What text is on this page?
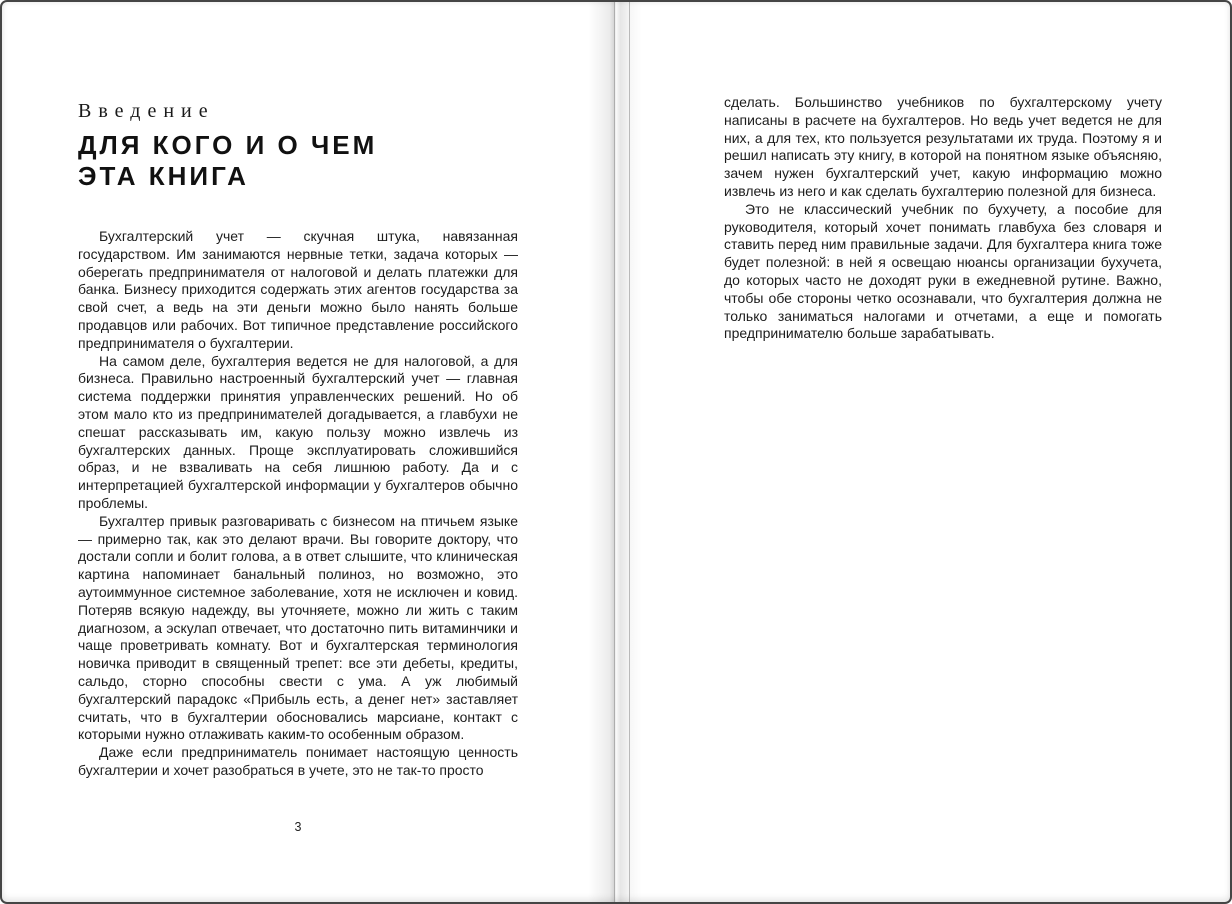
Введение
ДЛЯ КОГО И О ЧЕМ
ЭТА КНИГА

Бухгалтерский учет — скучная штука, навязанная государством. Им занимаются нервные тетки, задача которых — оберегать предпринимателя от налоговой и делать платежки для банка. Бизнесу приходится содержать этих агентов государства за свой счет, а ведь на эти деньги можно было нанять больше продавцов или рабочих. Вот типичное представление российского предпринимателя о бухгалтерии.

На самом деле, бухгалтерия ведется не для налоговой, а для бизнеса. Правильно настроенный бухгалтерский учет — главная система поддержки принятия управленческих решений. Но об этом мало кто из предпринимателей догадывается, а главбухи не спешат рассказывать им, какую пользу можно извлечь из бухгалтерских данных. Проще эксплуатировать сложившийся образ, и не взваливать на себя лишнюю работу. Да и с интерпретацией бухгалтерской информации у бухгалтеров обычно проблемы.

Бухгалтер привык разговаривать с бизнесом на птичьем языке — примерно так, как это делают врачи. Вы говорите доктору, что достали сопли и болит голова, а в ответ слышите, что клиническая картина напоминает банальный полиноз, но возможно, это аутоиммунное системное заболевание, хотя не исключен и ковид. Потеряв всякую надежду, вы уточняете, можно ли жить с таким диагнозом, а эскулап отвечает, что достаточно пить витаминчики и чаще проветривать комнату. Вот и бухгалтерская терминология новичка приводит в священный трепет: все эти дебеты, кредиты, сальдо, сторно способны свести с ума. А уж любимый бухгалтерский парадокс «Прибыль есть, а денег нет» заставляет считать, что в бухгалтерии обосновались марсиане, контакт с которыми нужно отлаживать каким-то особенным образом.

Даже если предприниматель понимает настоящую ценность бухгалтерии и хочет разобраться в учете, это не так-то просто

3

сделать. Большинство учебников по бухгалтерскому учету написаны в расчете на бухгалтеров. Но ведь учет ведется не для них, а для тех, кто пользуется результатами их труда. Поэтому я и решил написать эту книгу, в которой на понятном языке объясняю, зачем нужен бухгалтерский учет, какую информацию можно извлечь из него и как сделать бухгалтерию полезной для бизнеса.

Это не классический учебник по бухучету, а пособие для руководителя, который хочет понимать главбуха без словаря и ставить перед ним правильные задачи. Для бухгалтера книга тоже будет полезной: в ней я освещаю нюансы организации бухучета, до которых часто не доходят руки в ежедневной рутине. Важно, чтобы обе стороны четко осознавали, что бухгалтерия должна не только заниматься налогами и отчетами, а еще и помогать предпринимателю больше зарабатывать.
